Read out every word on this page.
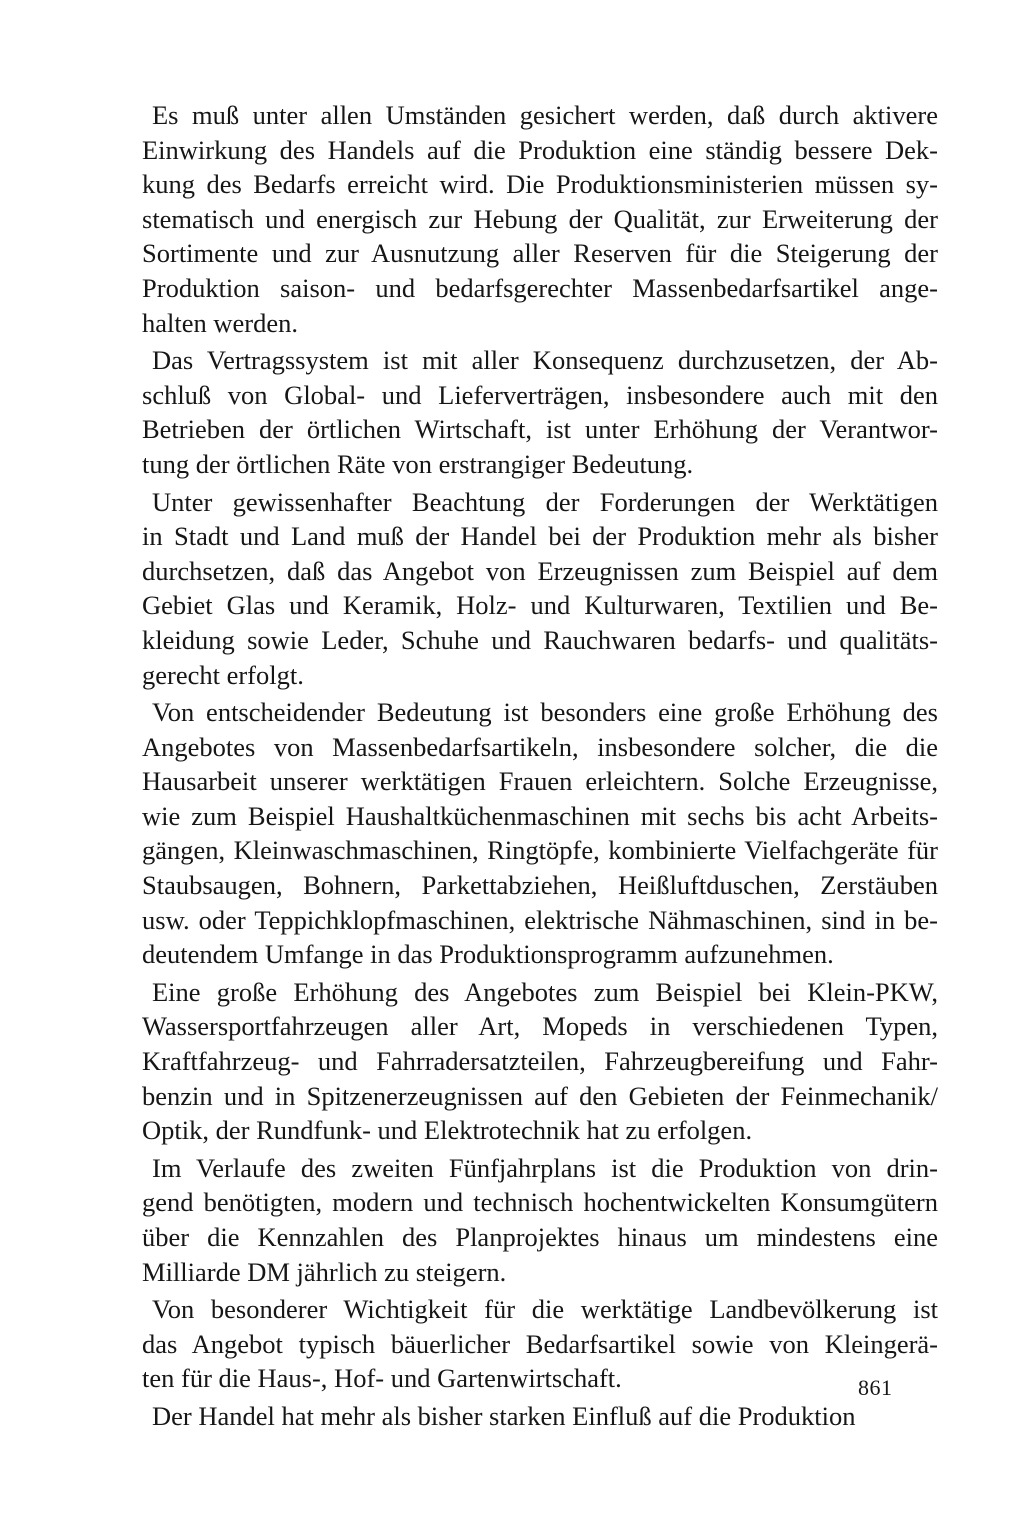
Es muß unter allen Umständen gesichert werden, daß durch aktivere
Einwirkung des Handels auf die Produktion eine ständig bessere Dek-
kung des Bedarfs erreicht wird. Die Produktionsministerien müssen sy-
stematisch und energisch zur Hebung der Qualität, zur Erweiterung der
Sortimente und zur Ausnutzung aller Reserven für die Steigerung der
Produktion saison- und bedarfsgerechter Massenbedarfsartikel ange-
halten werden.
Das Vertragssystem ist mit aller Konsequenz durchzusetzen, der Ab-
schluß von Global- und Lieferverträgen, insbesondere auch mit den
Betrieben der örtlichen Wirtschaft, ist unter Erhöhung der Verantwor-
tung der örtlichen Räte von erstrangiger Bedeutung.
Unter gewissenhafter Beachtung der Forderungen der Werktätigen
in Stadt und Land muß der Handel bei der Produktion mehr als bisher
durchsetzen, daß das Angebot von Erzeugnissen zum Beispiel auf dem
Gebiet Glas und Keramik, Holz- und Kulturwaren, Textilien und Be-
kleidung sowie Leder, Schuhe und Rauchwaren bedarfs- und qualitäts-
gerecht erfolgt.
Von entscheidender Bedeutung ist besonders eine große Erhöhung des
Angebotes von Massenbedarfsartikeln, insbesondere solcher, die die
Hausarbeit unserer werktätigen Frauen erleichtern. Solche Erzeugnisse,
wie zum Beispiel Haushaltküchenmaschinen mit sechs bis acht Arbeits-
gängen, Kleinwaschmaschinen, Ringtöpfe, kombinierte Vielfachgeräte für
Staubsaugen, Bohnern, Parkettabziehen, Heißluftduschen, Zerstäuben
usw. oder Teppichklopfmaschinen, elektrische Nähmaschinen, sind in be-
deutendem Umfange in das Produktionsprogramm aufzunehmen.
Eine große Erhöhung des Angebotes zum Beispiel bei Klein-PKW,
Wassersportfahrzeugen aller Art, Mopeds in verschiedenen Typen,
Kraftfahrzeug- und Fahrradersatzteilen, Fahrzeugbereifung und Fahr-
benzin und in Spitzenerzeugnissen auf den Gebieten der Feinmechanik/
Optik, der Rundfunk- und Elektrotechnik hat zu erfolgen.
Im Verlaufe des zweiten Fünfjahrplans ist die Produktion von drin-
gend benötigten, modern und technisch hochentwickelten Konsumgütern
über die Kennzahlen des Planprojektes hinaus um mindestens eine
Milliarde DM jährlich zu steigern.
Von besonderer Wichtigkeit für die werktätige Landbevölkerung ist
das Angebot typisch bäuerlicher Bedarfsartikel sowie von Kleingerä-
ten für die Haus-, Hof- und Gartenwirtschaft.
Der Handel hat mehr als bisher starken Einfluß auf die Produktion
861
